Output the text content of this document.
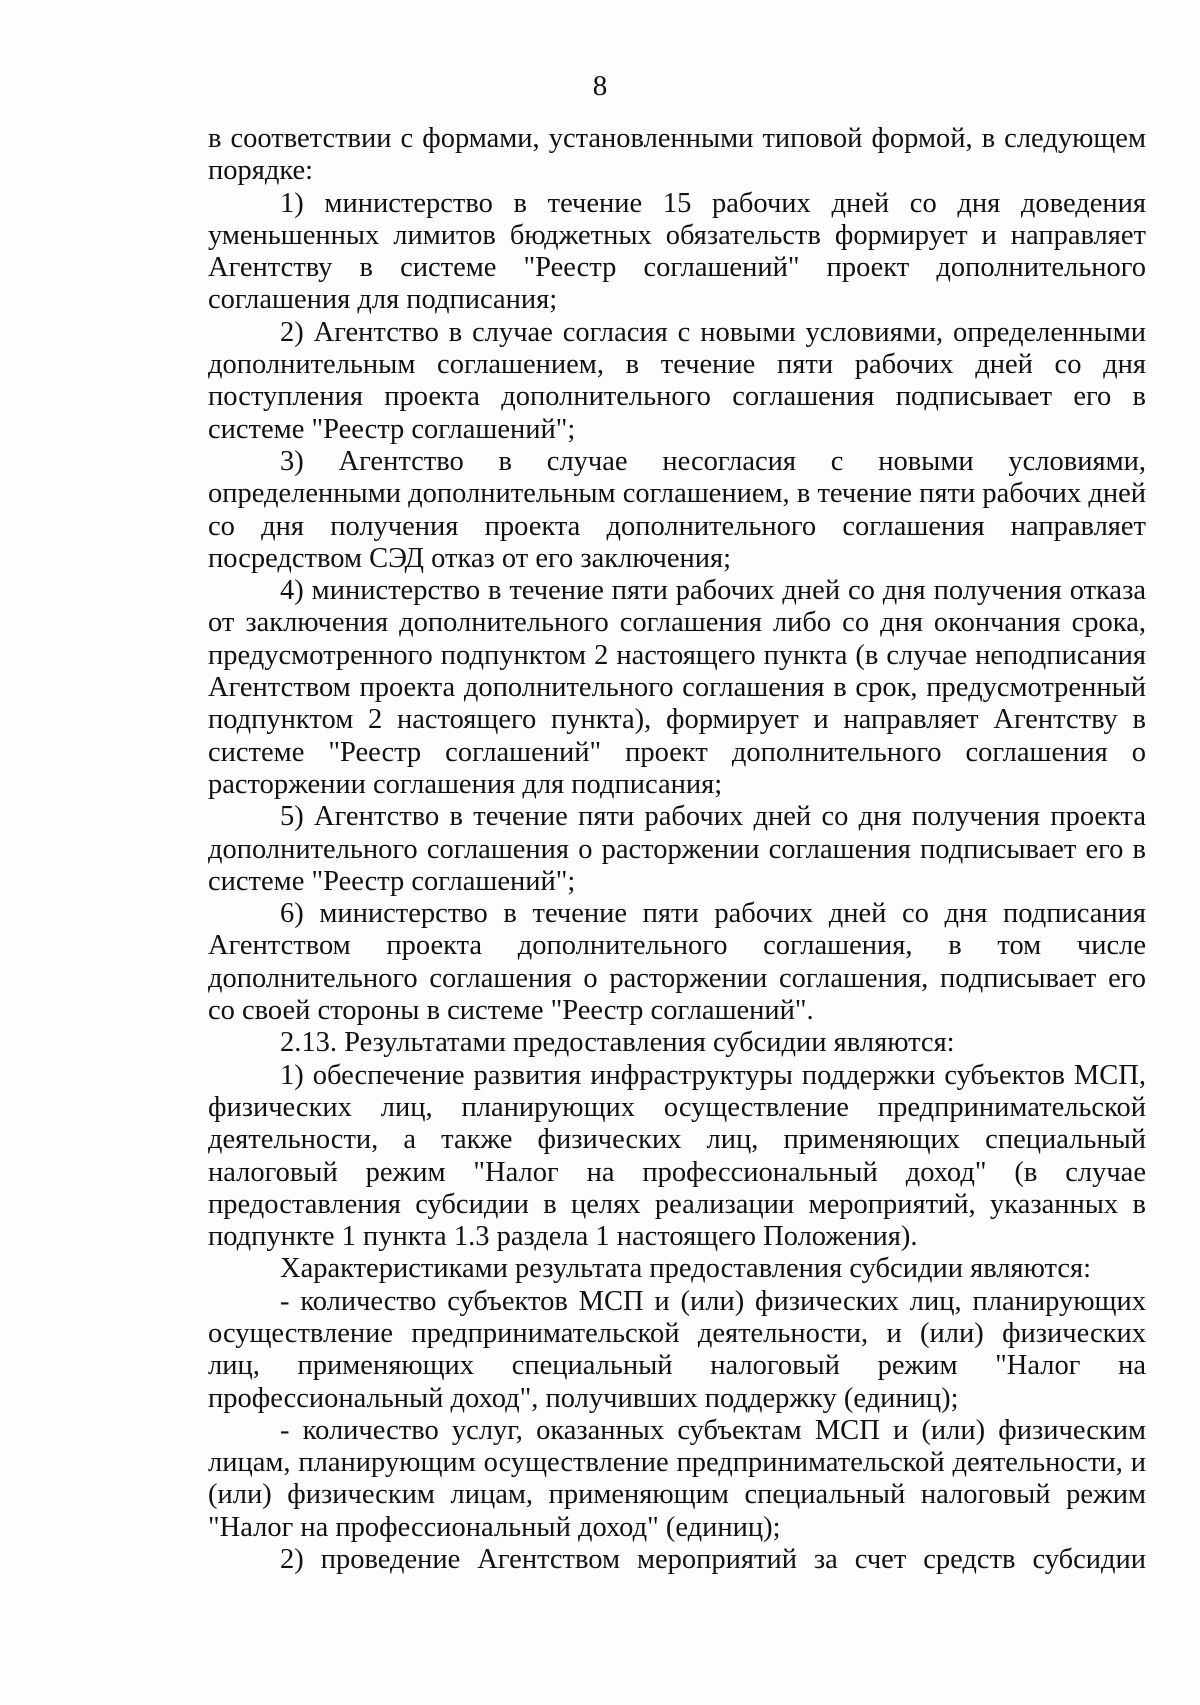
8

в соответствии с формами, установленными типовой формой, в следующем порядке:

1) министерство в течение 15 рабочих дней со дня доведения уменьшенных лимитов бюджетных обязательств формирует и направляет Агентству в системе "Реестр соглашений" проект дополнительного соглашения для подписания;

2) Агентство в случае согласия с новыми условиями, определенными дополнительным соглашением, в течение пяти рабочих дней со дня поступления проекта дополнительного соглашения подписывает его в системе "Реестр соглашений";

3) Агентство в случае несогласия с новыми условиями, определенными дополнительным соглашением, в течение пяти рабочих дней со дня получения проекта дополнительного соглашения направляет посредством СЭД отказ от его заключения;

4) министерство в течение пяти рабочих дней со дня получения отказа от заключения дополнительного соглашения либо со дня окончания срока, предусмотренного подпунктом 2 настоящего пункта (в случае неподписания Агентством проекта дополнительного соглашения в срок, предусмотренный подпунктом 2 настоящего пункта), формирует и направляет Агентству в системе "Реестр соглашений" проект дополнительного соглашения о расторжении соглашения для подписания;

5) Агентство в течение пяти рабочих дней со дня получения проекта дополнительного соглашения о расторжении соглашения подписывает его в системе "Реестр соглашений";

6) министерство в течение пяти рабочих дней со дня подписания Агентством проекта дополнительного соглашения, в том числе дополнительного соглашения о расторжении соглашения, подписывает его со своей стороны в системе "Реестр соглашений".

2.13. Результатами предоставления субсидии являются:

1) обеспечение развития инфраструктуры поддержки субъектов МСП, физических лиц, планирующих осуществление предпринимательской деятельности, а также физических лиц, применяющих специальный налоговый режим "Налог на профессиональный доход" (в случае предоставления субсидии в целях реализации мероприятий, указанных в подпункте 1 пункта 1.3 раздела 1 настоящего Положения).

Характеристиками результата предоставления субсидии являются:

- количество субъектов МСП и (или) физических лиц, планирующих осуществление предпринимательской деятельности, и (или) физических лиц, применяющих специальный налоговый режим "Налог на профессиональный доход", получивших поддержку (единиц);

- количество услуг, оказанных субъектам МСП и (или) физическим лицам, планирующим осуществление предпринимательской деятельности, и (или) физическим лицам, применяющим специальный налоговый режим "Налог на профессиональный доход" (единиц);

2) проведение Агентством мероприятий за счет средств субсидии
